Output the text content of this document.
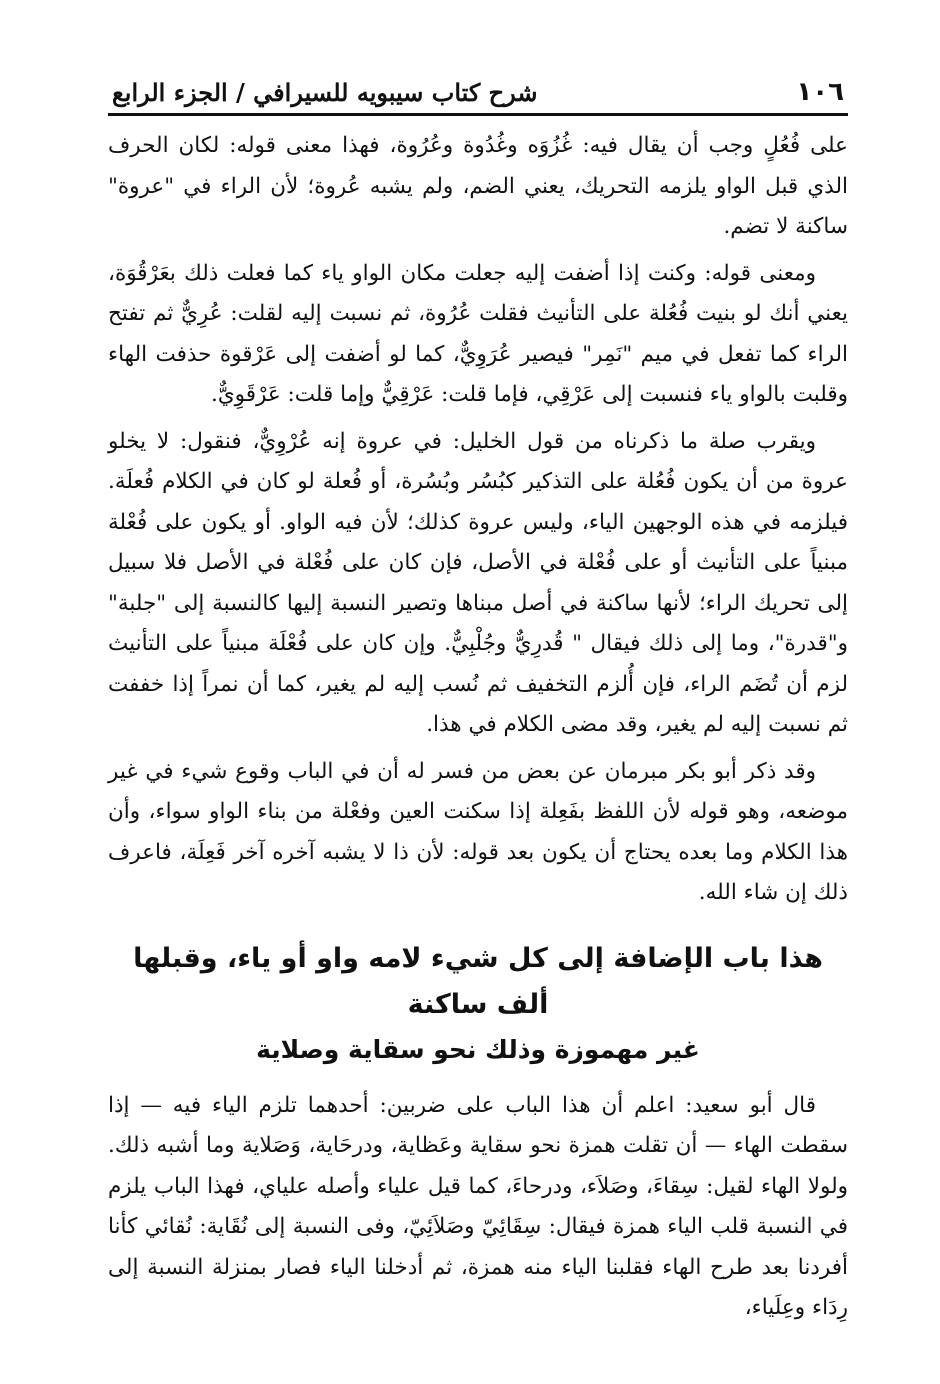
١٠٦
شرح كتاب سيبويه للسيرافي / الجزء الرابع

على فُعُلٍ وجب أن يقال فيه: غُزُوَه وغُدُوة وعُرُوة، فهذا معنى قوله: لكان الحرف الذي قبل الواو يلزمه التحريك، يعني الضم، ولم يشبه عُروة؛ لأن الراء في "عروة" ساكنة لا تضم.

ومعنى قوله: وكنت إذا أضفت إليه جعلت مكان الواو ياء كما فعلت ذلك بعَرْقُوَة، يعني أنك لو بنيت فُعُلة على التأنيث فقلت عُرُوة، ثم نسبت إليه لقلت: عُرِيٌّ ثم تفتح الراء كما تفعل في ميم "نَمِر" فيصير عُرَوِيٌّ، كما لو أضفت إلى عَرْقوة حذفت الهاء وقلبت بالواو ياء فنسبت إلى عَرْقِي، فإما قلت: عَرْقِيٌّ وإما قلت: عَرْقَوِيٌّ.

ويقرب صلة ما ذكرناه من قول الخليل: في عروة إنه عُرْوِيٌّ، فنقول: لا يخلو عروة من أن يكون فُعُلة على التذكير كبُسُر وبُسُرة، أو فُعلة لو كان في الكلام فُعلَة. فيلزمه في هذه الوجهين الياء، وليس عروة كذلك؛ لأن فيه الواو. أو يكون على فُعْلة مبنياً على التأنيث أو على فُعْلة في الأصل، فإن كان على فُعْلة في الأصل فلا سبيل إلى تحريك الراء؛ لأنها ساكنة في أصل مبناها وتصير النسبة إليها كالنسبة إلى "جلبة" و"قدرة"، وما إلى ذلك فيقال " قُدرِيٌّ وجُلْبِيٌّ. وإن كان على فُعْلَة مبنياً على التأنيث لزم أن تُضَم الراء، فإن أُلزم التخفيف ثم نُسب إليه لم يغير، كما أن نمراً إذا خففت ثم نسبت إليه لم يغير، وقد مضى الكلام في هذا.

وقد ذكر أبو بكر مبرمان عن بعض من فسر له أن في الباب وقوع شيء في غير موضعه، وهو قوله لأن اللفظ بفَعِلة إذا سكنت العين وفعْلة من بناء الواو سواء، وأن هذا الكلام وما بعده يحتاج أن يكون بعد قوله: لأن ذا لا يشبه آخره آخر فَعِلَة، فاعرف ذلك إن شاء الله.

هذا باب الإضافة إلى كل شيء لامه واو أو ياء، وقبلها ألف ساكنة
غير مهموزة وذلك نحو سقاية وصلاية

قال أبو سعيد: اعلم أن هذا الباب على ضربين: أحدهما تلزم الياء فيه — إذا سقطت الهاء — أن تقلت همزة نحو سقاية وعَظاية، ودرحَاية، وَصَلاية وما أشبه ذلك. ولولا الهاء لقيل: سِقاءَ، وصَلاَء، ودرحاءَ، كما قيل علياء وأصله علياي، فهذا الباب يلزم في النسبة قلب الياء همزة فيقال: سِقَائِيّ وصَلاَئِيّ، وفى النسبة إلى نُقَاية: نُقائي كأنا أفردنا بعد طرح الهاء فقلبنا الياء منه همزة، ثم أدخلنا الياء فصار بمنزلة النسبة إلى رِدَاء وعِلَياء،
